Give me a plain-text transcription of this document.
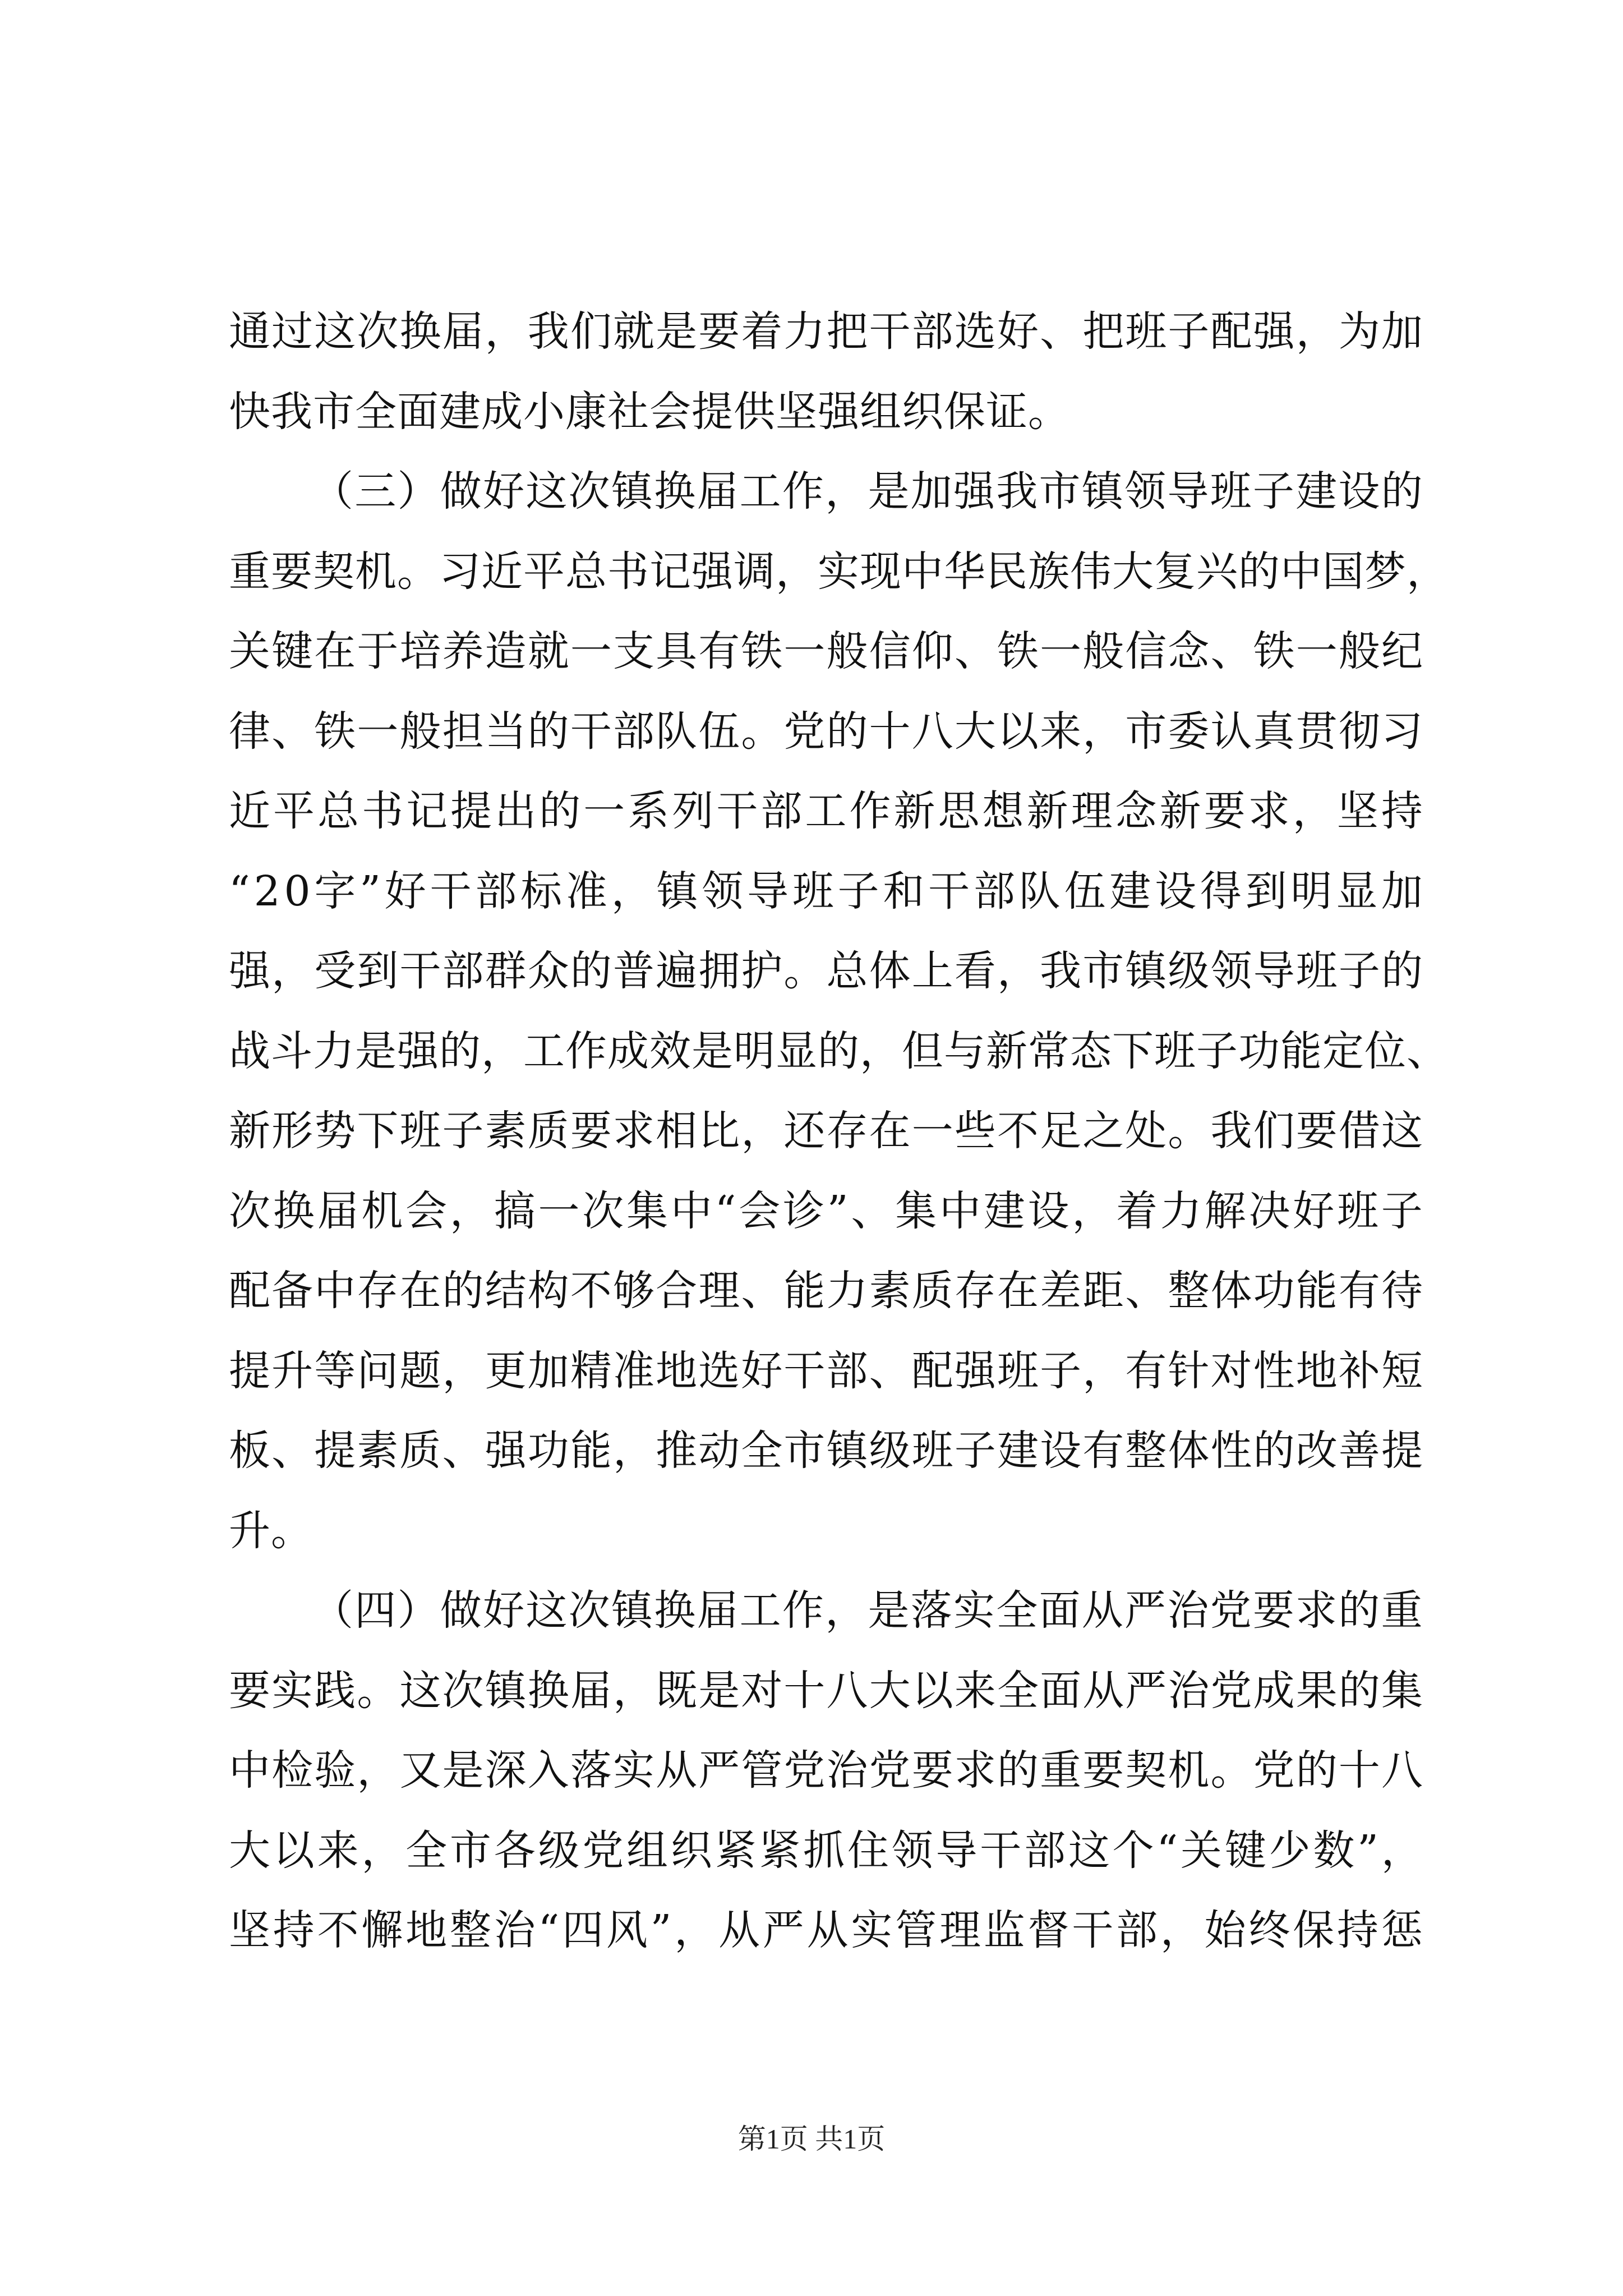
通 过 这 次 换 届 ， 我 们 就 是 要 着 力 把 干 部 选 好 、 把 班 子 配 强 ， 为 加
快我市全面建成小康社会提供坚强组织保证。
（ 三 ） 做 好 这 次 镇 换 届 工 作 ， 是 加 强 我 市 镇 领 导 班 子 建 设 的
重 要 契 机 。 习 近 平 总 书 记 强 调 ， 实 现 中 华 民 族 伟 大 复 兴 的 中 国 梦 ，
关 键 在 于 培 养 造 就 一 支 具 有 铁 一 般 信 仰 、 铁 一 般 信 念 、 铁 一 般 纪
律 、 铁 一 般 担 当 的 干 部 队 伍 。 党 的 十 八 大 以 来 ， 市 委 认 真 贯 彻 习
近 平 总 书 记 提 出 的 一 系 列 干 部 工 作 新 思 想 新 理 念 新 要 求 ， 坚 持
“ 2 0 字 ” 好 干 部 标 准 ， 镇 领 导 班 子 和 干 部 队 伍 建 设 得 到 明 显 加
强 ， 受 到 干 部 群 众 的 普 遍 拥 护 。 总 体 上 看 ， 我 市 镇 级 领 导 班 子 的
战 斗 力 是 强 的 ， 工 作 成 效 是 明 显 的 ， 但 与 新 常 态 下 班 子 功 能 定 位 、
新 形 势 下 班 子 素 质 要 求 相 比 ， 还 存 在 一 些 不 足 之 处 。 我 们 要 借 这
次 换 届 机 会 ， 搞 一 次 集 中 “ 会 诊 ” 、 集 中 建 设 ， 着 力 解 决 好 班 子
配 备 中 存 在 的 结 构 不 够 合 理 、 能 力 素 质 存 在 差 距 、 整 体 功 能 有 待
提 升 等 问 题 ， 更 加 精 准 地 选 好 干 部 、 配 强 班 子 ， 有 针 对 性 地 补 短
板 、 提 素 质 、 强 功 能 ， 推 动 全 市 镇 级 班 子 建 设 有 整 体 性 的 改 善 提
升。
（ 四 ） 做 好 这 次 镇 换 届 工 作 ， 是 落 实 全 面 从 严 治 党 要 求 的 重
要 实 践 。 这 次 镇 换 届 ， 既 是 对 十 八 大 以 来 全 面 从 严 治 党 成 果 的 集
中 检 验 ， 又 是 深 入 落 实 从 严 管 党 治 党 要 求 的 重 要 契 机 。 党 的 十 八
大 以 来 ， 全 市 各 级 党 组 织 紧 紧 抓 住 领 导 干 部 这 个 “ 关 键 少 数 ” ，
坚 持 不 懈 地 整 治 “ 四 风 ” ， 从 严 从 实 管 理 监 督 干 部 ， 始 终 保 持 惩
第1页 共1页
